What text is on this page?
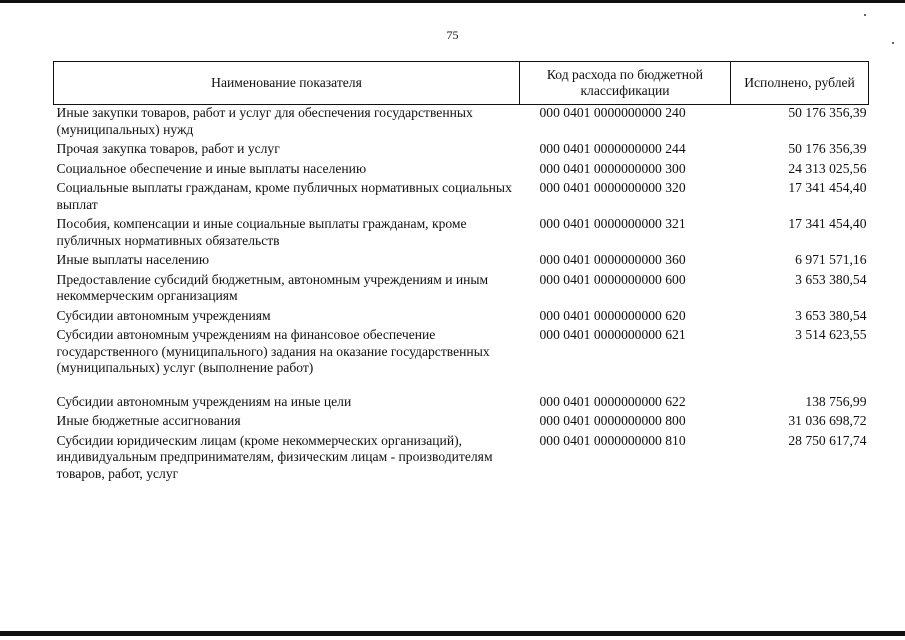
75
Наименование показателя	Код расхода по бюджетной классификации	Исполнено, рублей
Иные закупки товаров, работ и услуг для обеспечения государственных (муниципальных) нужд	000 0401 0000000000 240	50 176 356,39
Прочая закупка товаров, работ и услуг	000 0401 0000000000 244	50 176 356,39
Социальное обеспечение и иные выплаты населению	000 0401 0000000000 300	24 313 025,56
Социальные выплаты гражданам, кроме публичных нормативных социальных выплат	000 0401 0000000000 320	17 341 454,40
Пособия, компенсации и иные социальные выплаты гражданам, кроме публичных нормативных обязательств	000 0401 0000000000 321	17 341 454,40
Иные выплаты населению	000 0401 0000000000 360	6 971 571,16
Предоставление субсидий бюджетным, автономным учреждениям и иным некоммерческим организациям	000 0401 0000000000 600	3 653 380,54
Субсидии автономным учреждениям	000 0401 0000000000 620	3 653 380,54
Субсидии автономным учреждениям на финансовое обеспечение государственного (муниципального) задания на оказание государственных (муниципальных) услуг (выполнение работ)	000 0401 0000000000 621	3 514 623,55
Субсидии автономным учреждениям на иные цели	000 0401 0000000000 622	138 756,99
Иные бюджетные ассигнования	000 0401 0000000000 800	31 036 698,72
Субсидии юридическим лицам (кроме некоммерческих организаций), индивидуальным предпринимателям, физическим лицам - производителям товаров, работ, услуг	000 0401 0000000000 810	28 750 617,74
